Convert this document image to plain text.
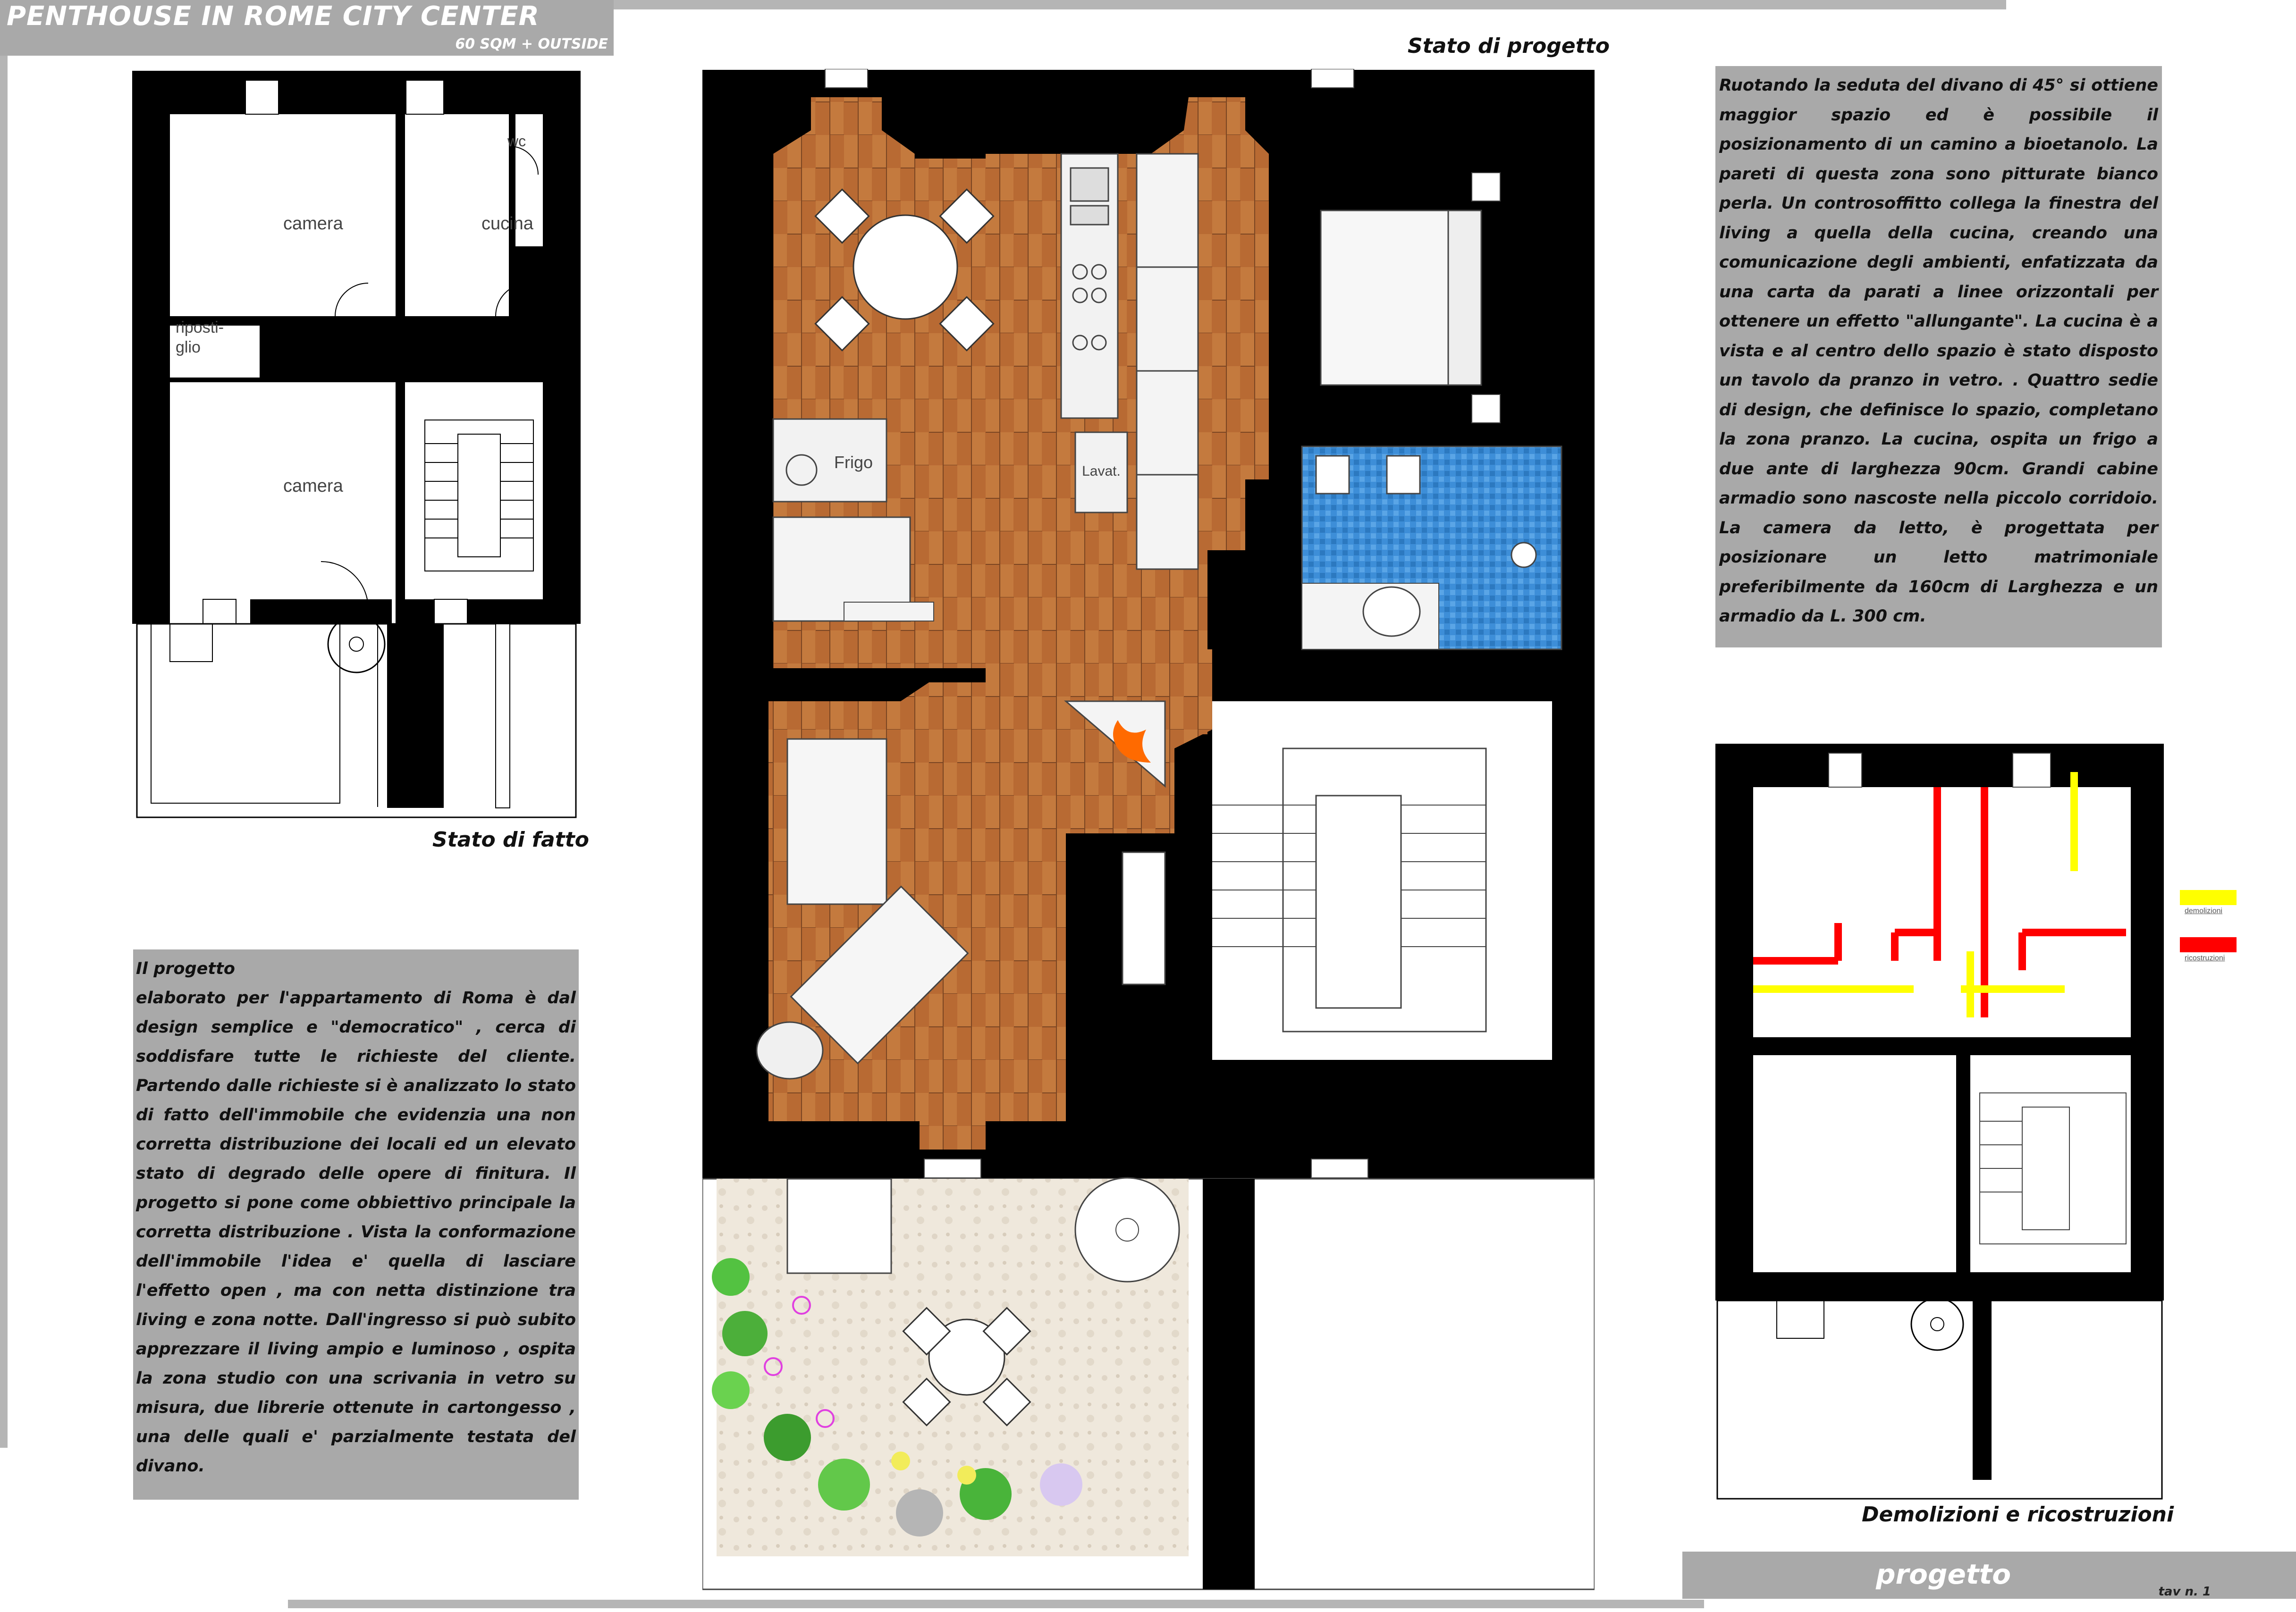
PENTHOUSE IN ROME CITY CENTER
60 SQM + OUTSIDE
camera	cucina
wc
riposti-
glio
camera
Stato di fatto
Il progetto
elaborato per l'appartamento di Roma è dal design semplice e "democratico" , cerca di soddisfare tutte le richieste del cliente. Partendo dalle richieste si è analizzato lo stato di fatto dell'immobile che evidenzia una non corretta distribuzione dei locali ed un elevato stato di degrado delle opere di finitura. Il progetto si pone come obbiettivo principale la corretta distribuzione . Vista la conformazione dell'immobile l'idea e' quella di lasciare l'effetto open , ma con netta distinzione tra living e zona notte. Dall'ingresso si può subito apprezzare il living ampio e luminoso , ospita la zona studio con una scrivania in vetro su misura, due librerie ottenute in cartongesso , una delle quali e' parzialmente testata del divano.
Stato di progetto
Frigo	Lavat.
Ruotando la seduta del divano di 45° si ottiene maggior spazio ed è possibile il posizionamento di un camino a bioetanolo. La pareti di questa zona sono pitturate bianco perla. Un controsoffitto collega la finestra del living a quella della cucina, creando una comunicazione degli ambienti, enfatizzata da una carta da parati a linee orizzontali per ottenere un effetto "allungante". La cucina è a vista e al centro dello spazio è stato disposto un tavolo da pranzo in vetro. . Quattro sedie di design, che definisce lo spazio, completano la zona pranzo. La cucina, ospita un frigo a due ante di larghezza 90cm. Grandi cabine armadio sono nascoste nella piccolo corridoio. La camera da letto, è progettata per posizionare un letto matrimoniale preferibilmente da 160cm di Larghezza e un armadio da L. 300 cm.
demolizioni
ricostruzioni
Demolizioni e ricostruzioni
progetto
tav n. 1
